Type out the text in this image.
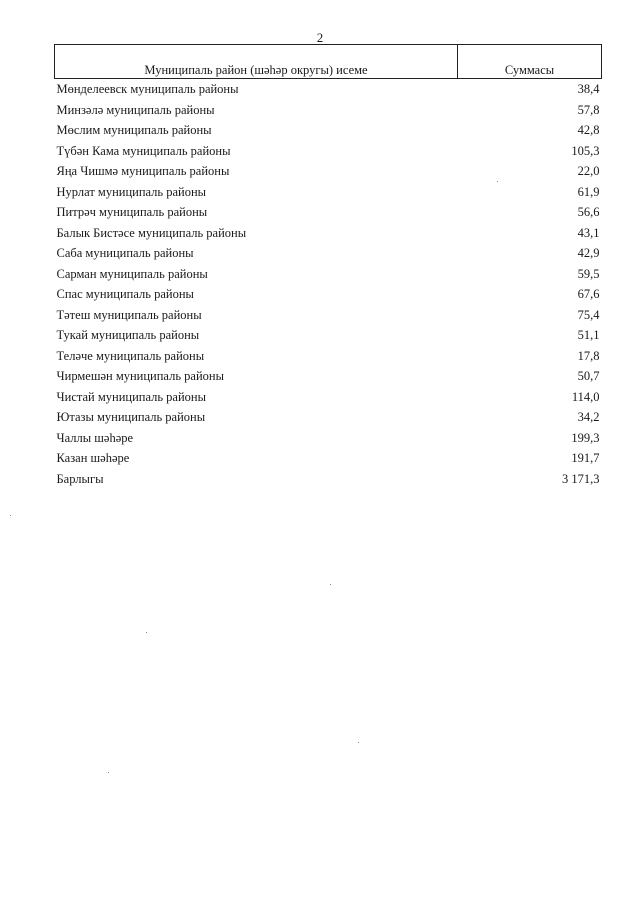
2
Муниципаль район (шәһәр округы) исеме	Суммасы
Мөнделеевск муниципаль районы	38,4
Минзәлә муниципаль районы	57,8
Мөслим муниципаль районы	42,8
Түбән Кама муниципаль районы	105,3
Яңа Чишмә муниципаль районы	22,0
Нурлат муниципаль районы	61,9
Питрәч муниципаль районы	56,6
Балык Бистәсе муниципаль районы	43,1
Саба муниципаль районы	42,9
Сарман муниципаль районы	59,5
Спас муниципаль районы	67,6
Тәтеш муниципаль районы	75,4
Тукай муниципаль районы	51,1
Теләче муниципаль районы	17,8
Чирмешән муниципаль районы	50,7
Чистай муниципаль районы	114,0
Ютазы муниципаль районы	34,2
Чаллы шәһәре	199,3
Казан шәһәре	191,7
Барлыгы	3 171,3
